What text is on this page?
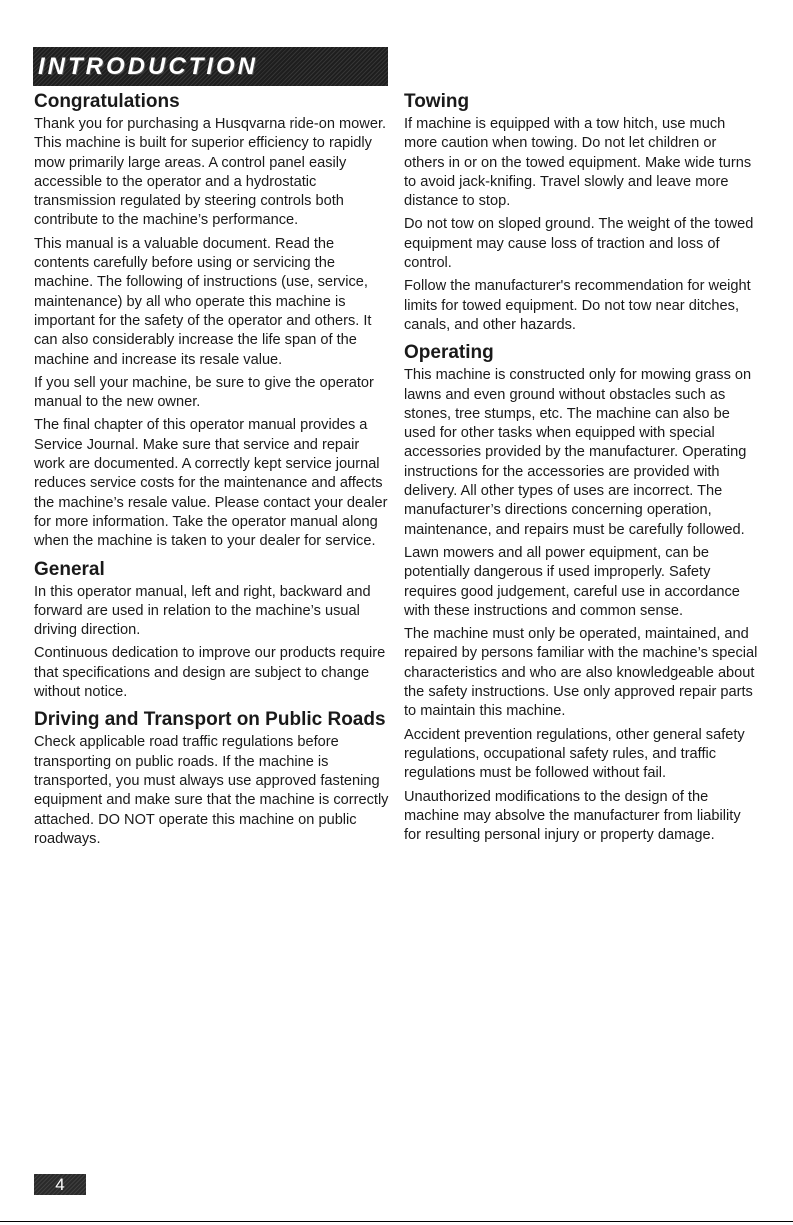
INTRODUCTION
Congratulations

Thank you for purchasing a Husqvarna ride-on mower. This machine is built for superior efficiency to rapidly mow primarily large areas. A control panel easily accessible to the operator and a hydrostatic transmission regulated by steering controls both contribute to the machine’s performance.

This manual is a valuable document. Read the contents carefully before using or servicing the machine. The following of instructions (use, service, maintenance) by all who operate this machine is important for the safety of the operator and others. It can also considerably increase the life span of the machine and increase its resale value.

If you sell your machine, be sure to give the operator manual to the new owner.

The final chapter of this operator manual provides a Service Journal. Make sure that service and repair work are documented. A correctly kept service journal reduces service costs for the maintenance and affects the machine’s resale value. Please contact your dealer for more information. Take the operator manual along when the machine is taken to your dealer for service.

General

In this operator manual, left and right, backward and forward are used in relation to the machine’s usual driving direction.

Continuous dedication to improve our products require that specifications and design are subject to change without notice.

Driving and Transport on Public Roads

Check applicable road traffic regulations before transporting on public roads. If the machine is transported, you must always use approved fastening equipment and make sure that the machine is correctly attached. DO NOT operate this machine on public roadways.

Towing

If machine is equipped with a tow hitch, use much more caution when towing. Do not let children or others in or on the towed equipment. Make wide turns to avoid jack-knifing. Travel slowly and leave more distance to stop.

Do not tow on sloped ground. The weight of the towed equipment may cause loss of traction and loss of control.

Follow the manufacturer's recommendation for weight limits for towed equipment. Do not tow near ditches, canals, and other hazards.

Operating

This machine is constructed only for mowing grass on lawns and even ground without obstacles such as stones, tree stumps, etc. The machine can also be used for other tasks when equipped with special accessories provided by the manufacturer. Operating instructions for the accessories are provided with delivery. All other types of uses are incorrect. The manufacturer’s directions concerning operation, maintenance, and repairs must be carefully followed.

Lawn mowers and all power equipment, can be potentially dangerous if used improperly. Safety requires good judgement, careful use in accordance with these instructions and common sense.

The machine must only be operated, maintained, and repaired by persons familiar with the machine’s special characteristics and who are also knowledgeable about the safety instructions. Use only approved repair parts to maintain this machine.

Accident prevention regulations, other general safety regulations, occupational safety rules, and traffic regulations must be followed without fail.

Unauthorized modifications to the design of the machine may absolve the manufacturer from liability for resulting personal injury or property damage.

4
